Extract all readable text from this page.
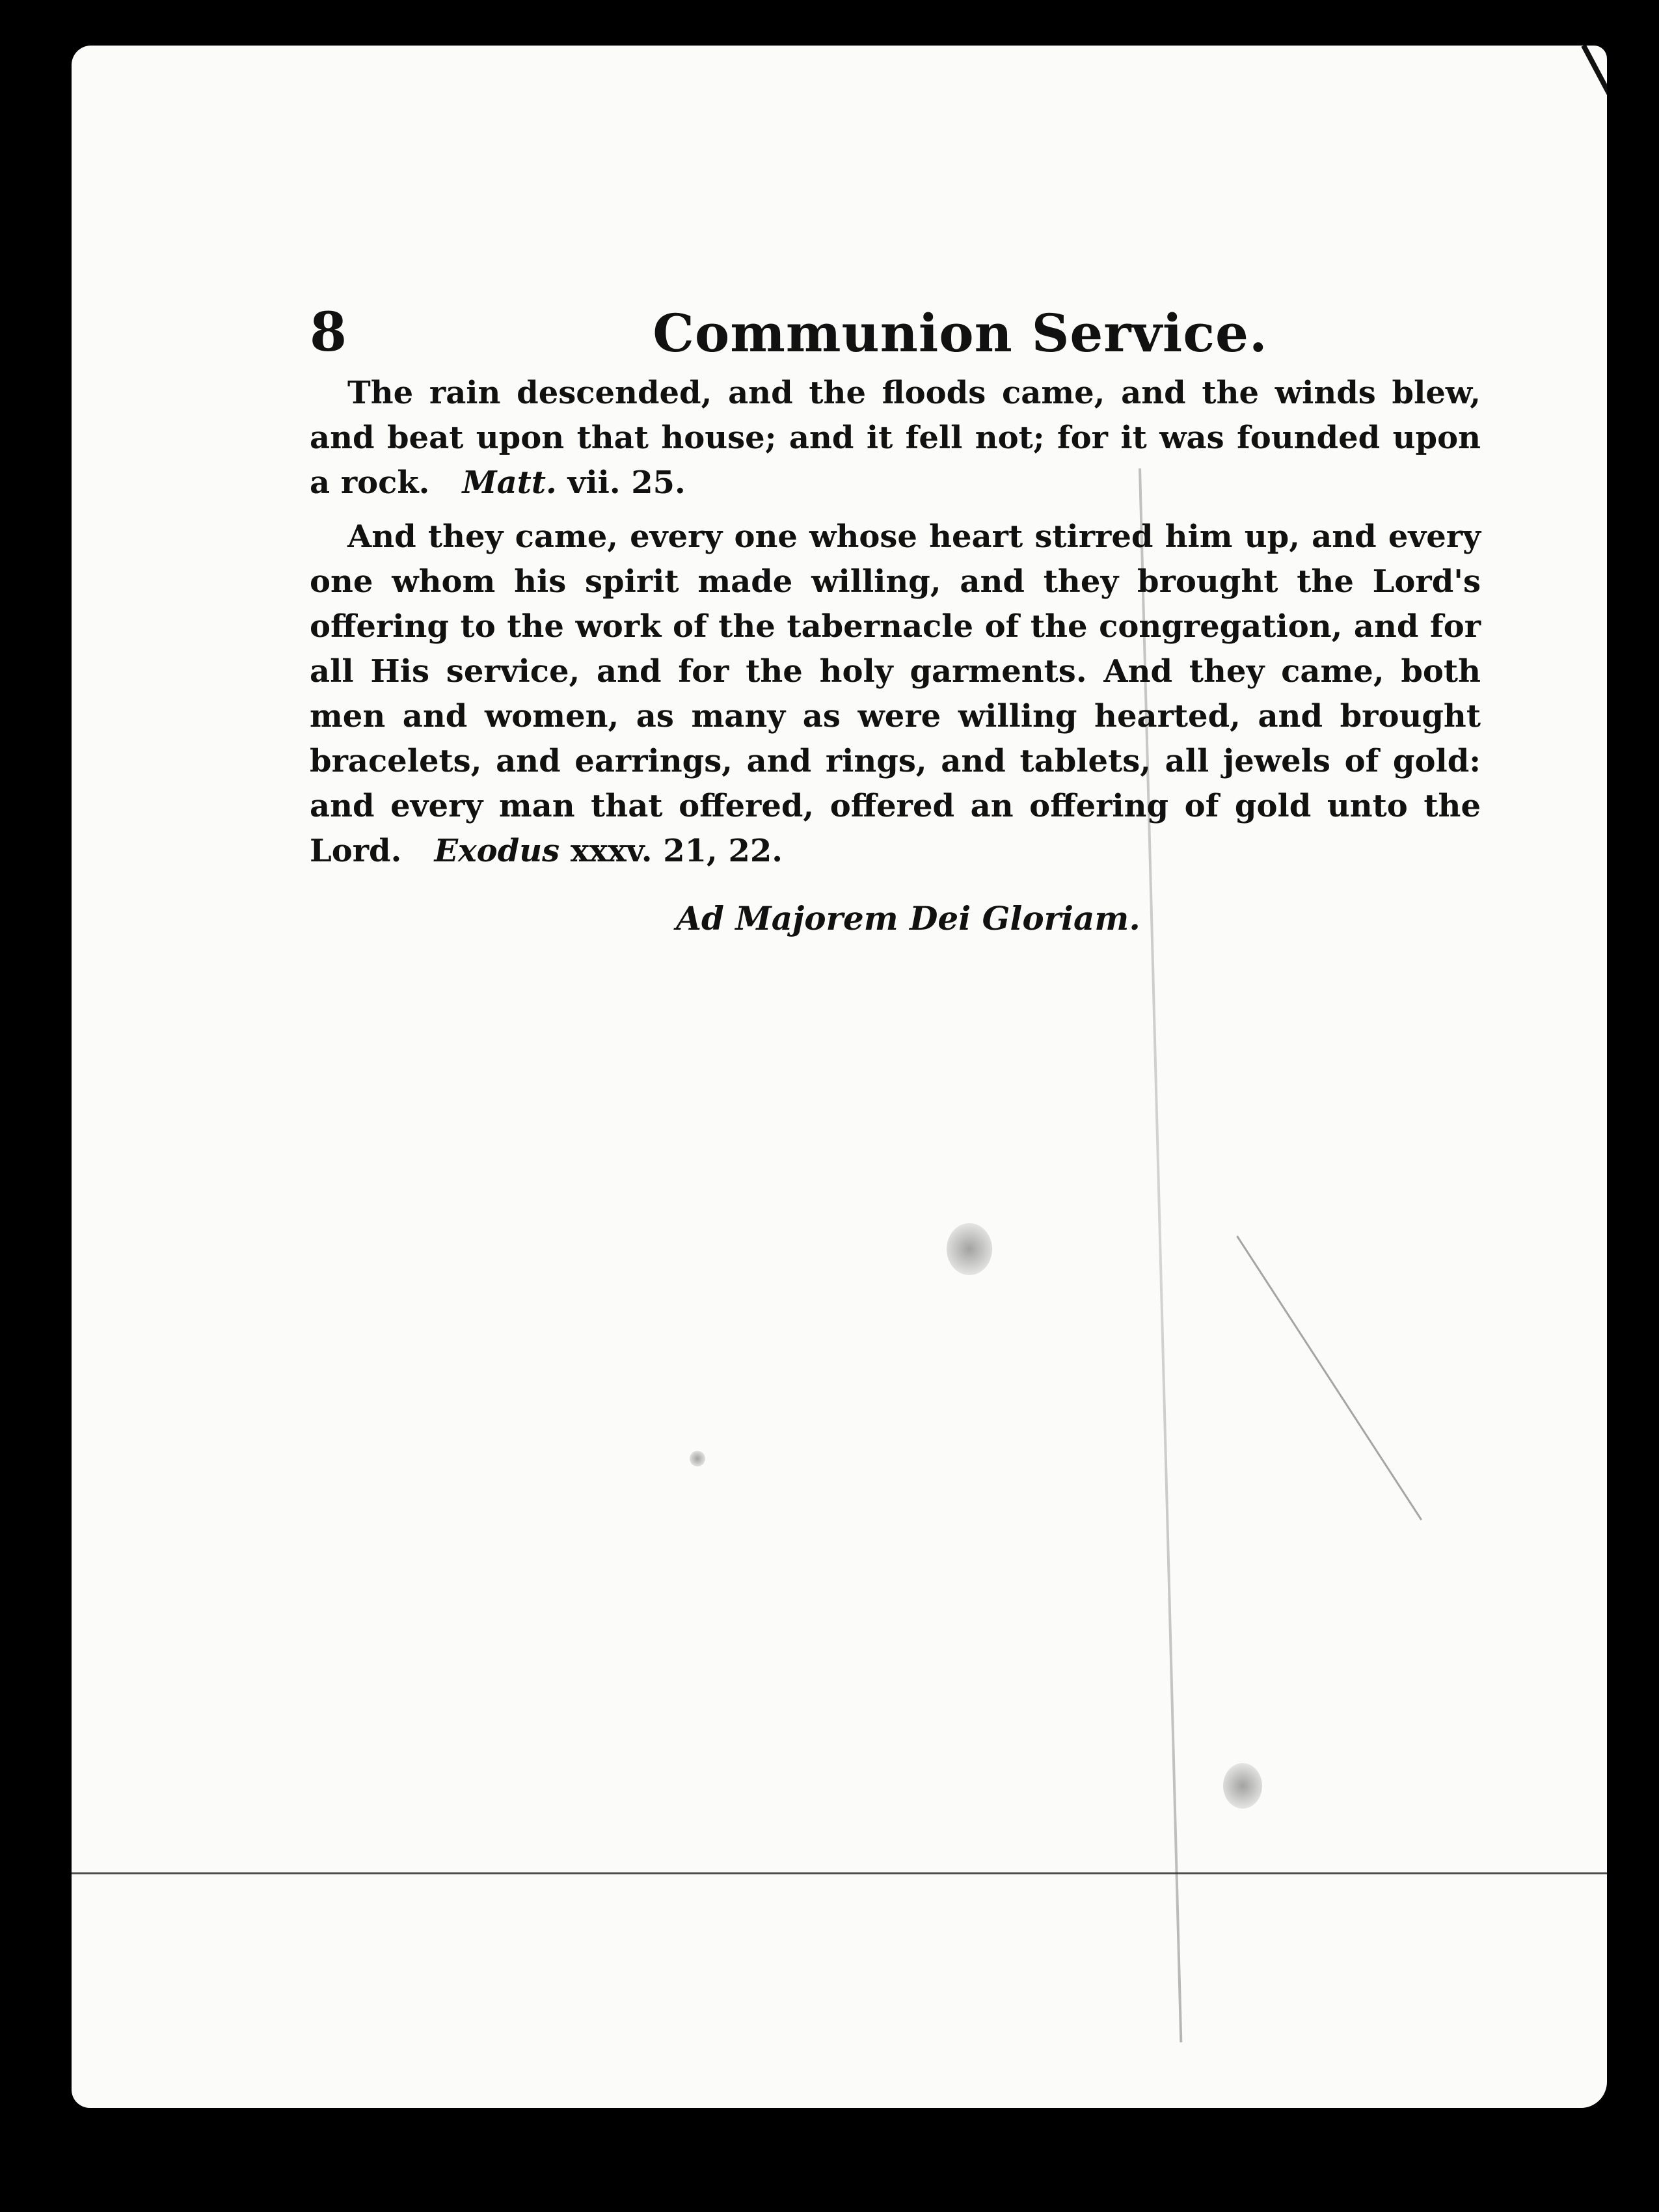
8	Communion Service.

The rain descended, and the floods came, and the winds blew, and beat upon that house; and it fell not; for it was founded upon a rock. Matt. vii. 25.

And they came, every one whose heart stirred him up, and every one whom his spirit made willing, and they brought the Lord's offering to the work of the tabernacle of the congregation, and for all His service, and for the holy garments. And they came, both men and women, as many as were willing hearted, and brought bracelets, and earrings, and rings, and tablets, all jewels of gold: and every man that offered, offered an offering of gold unto the Lord. Exodus xxxv. 21, 22.

Ad Majorem Dei Gloriam.
